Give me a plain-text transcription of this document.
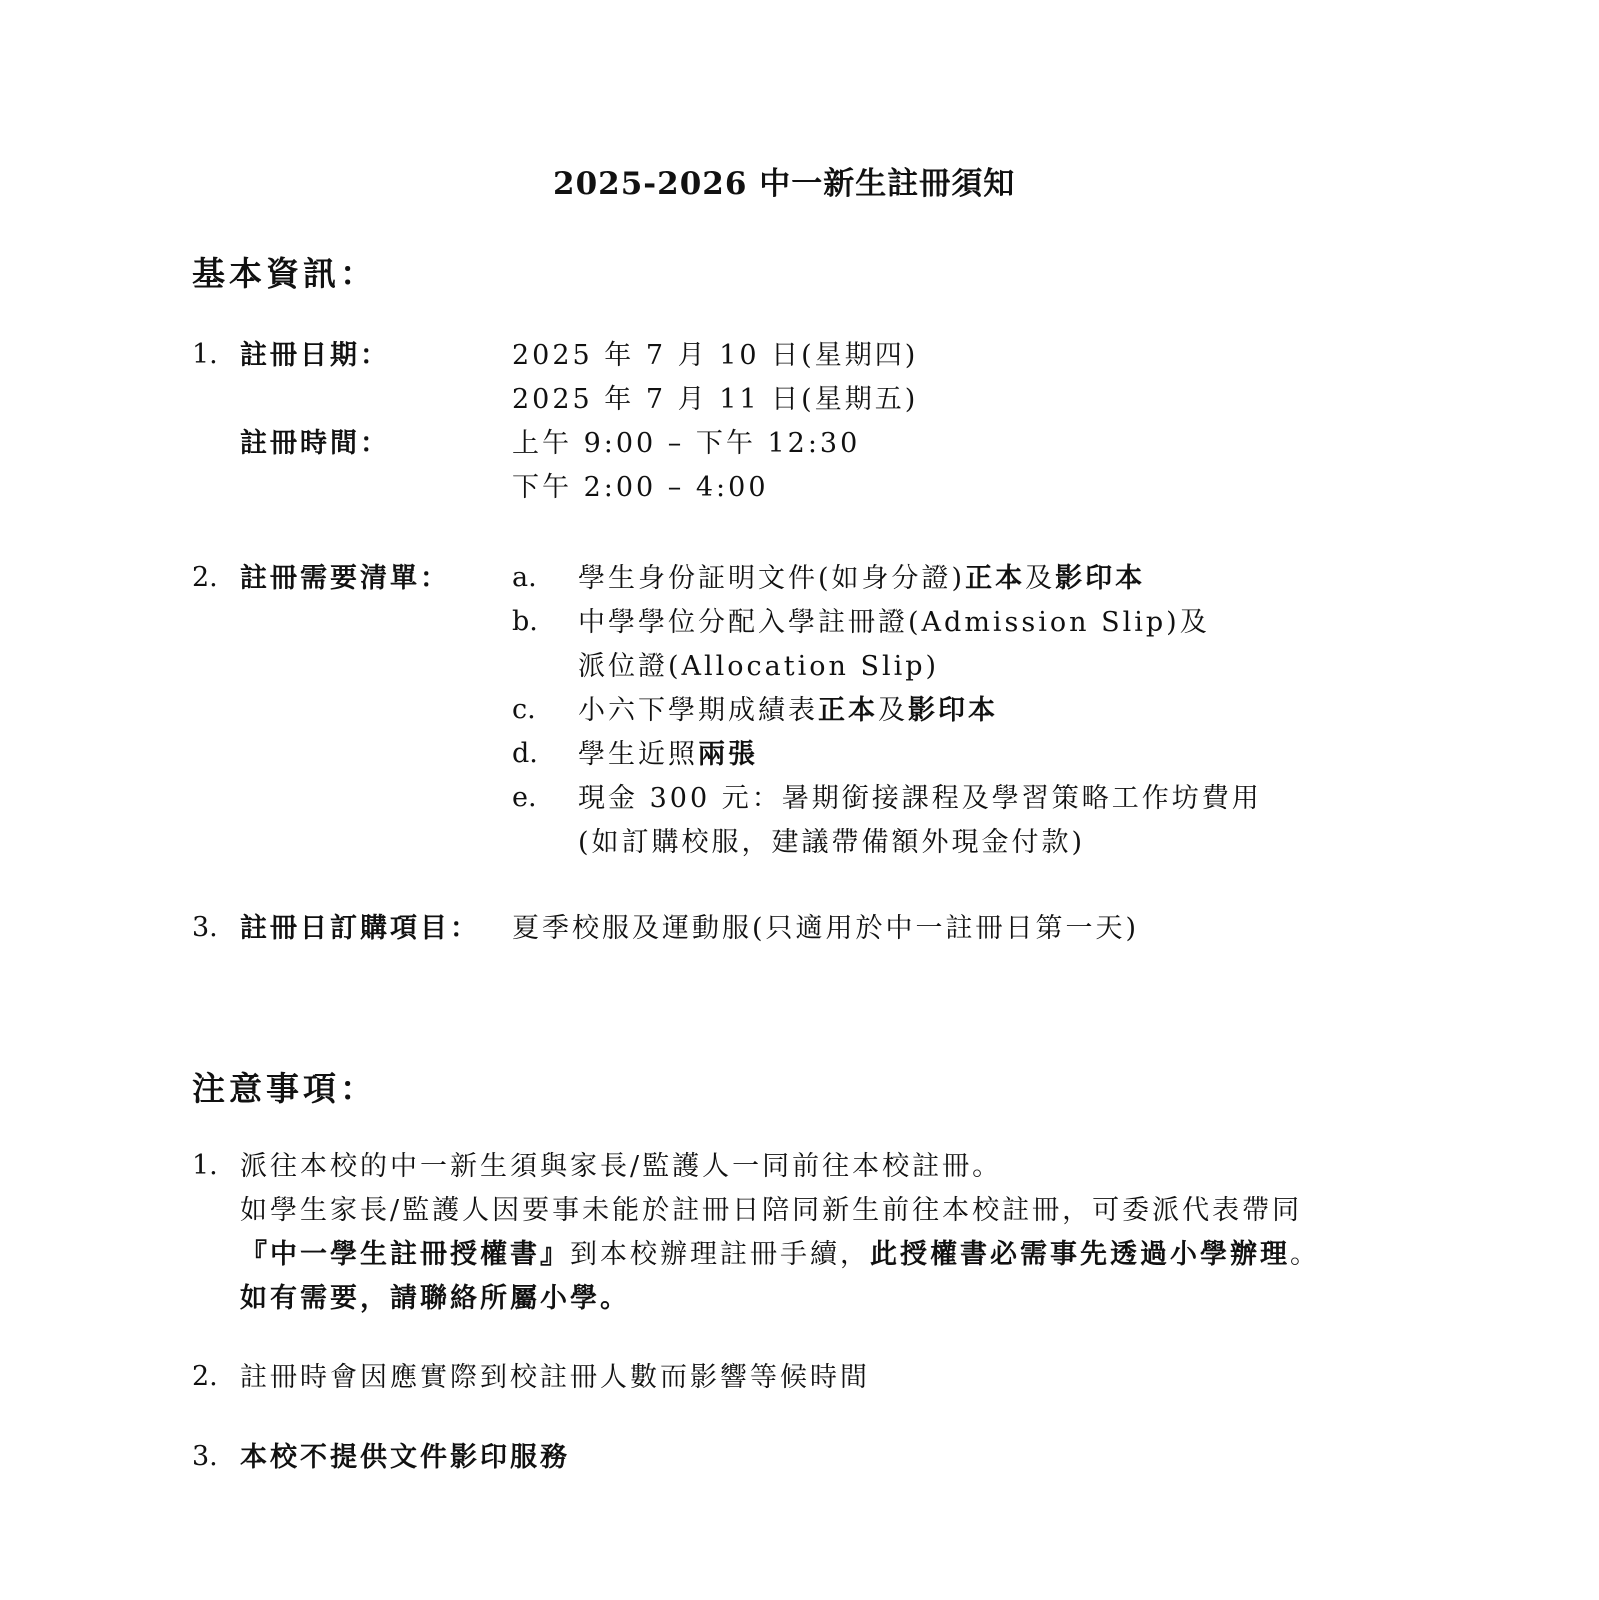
2025-2026 中一新生註冊須知
基本資訊：
1. 註冊日期：	2025 年 7 月 10 日(星期四)
2025 年 7 月 11 日(星期五)
註冊時間：	上午 9:00 – 下午 12:30
下午 2:00 – 4:00
2. 註冊需要清單： a. 學生身份証明文件(如身分證)正本及影印本
b. 中學學位分配入學註冊證(Admission Slip)及
派位證(Allocation Slip)
c. 小六下學期成績表正本及影印本
d. 學生近照兩張
e. 現金 300 元：暑期銜接課程及學習策略工作坊費用
(如訂購校服，建議帶備額外現金付款)
3. 註冊日訂購項目： 夏季校服及運動服(只適用於中一註冊日第一天)
注意事項：
1. 派往本校的中一新生須與家長/監護人一同前往本校註冊。
如學生家長/監護人因要事未能於註冊日陪同新生前往本校註冊，可委派代表帶同
『中一學生註冊授權書』到本校辦理註冊手續，此授權書必需事先透過小學辦理。
如有需要，請聯絡所屬小學。
2. 註冊時會因應實際到校註冊人數而影響等候時間
3. 本校不提供文件影印服務
